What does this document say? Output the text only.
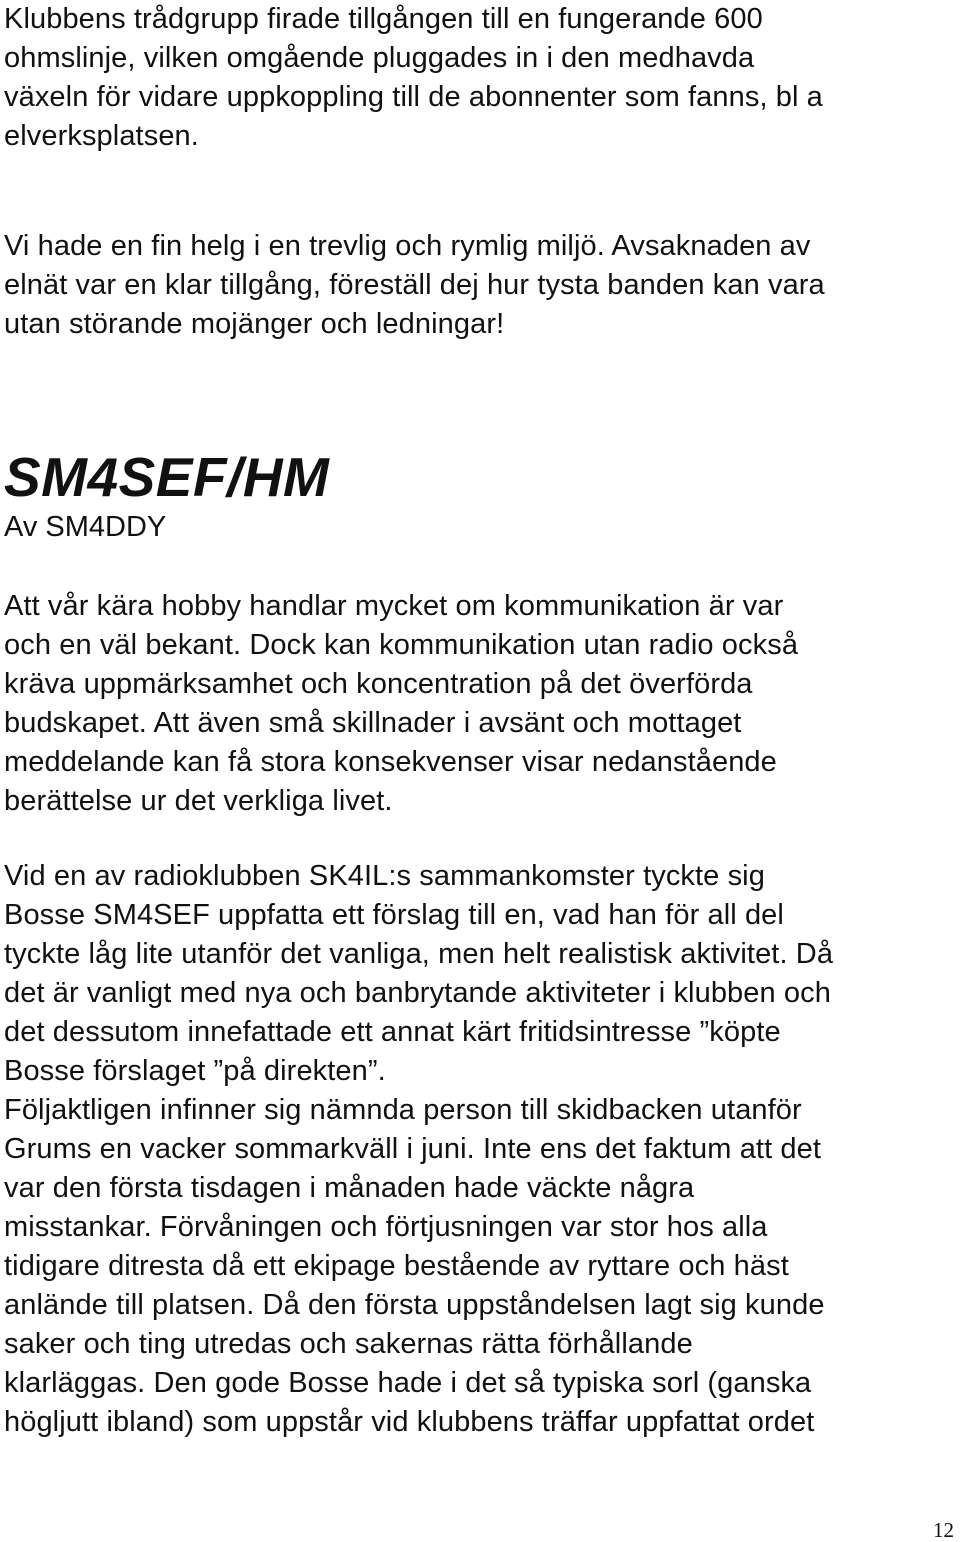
Klubbens trådgrupp firade tillgången till en fungerande 600
ohmslinje, vilken omgående pluggades in i den medhavda
växeln för vidare uppkoppling till de abonnenter som fanns, bl a
elverksplatsen.

Vi hade en fin helg i en trevlig och rymlig miljö. Avsaknaden av
elnät var en klar tillgång, föreställ dej hur tysta banden kan vara
utan störande mojänger och ledningar!

SM4SEF/HM

Av SM4DDY

Att vår kära hobby handlar mycket om kommunikation är var
och en väl bekant. Dock kan kommunikation utan radio också
kräva uppmärksamhet och koncentration på det överförda
budskapet. Att även små skillnader i avsänt och mottaget
meddelande kan få stora konsekvenser visar nedanstående
berättelse ur det verkliga livet.

Vid en av radioklubben SK4IL:s sammankomster tyckte sig
Bosse SM4SEF uppfatta ett förslag till en, vad han för all del
tyckte låg lite utanför det vanliga, men helt realistisk aktivitet. Då
det är vanligt med nya och banbrytande aktiviteter i klubben och
det dessutom innefattade ett annat kärt fritidsintresse ”köpte
Bosse förslaget ”på direkten”.
Följaktligen infinner sig nämnda person till skidbacken utanför
Grums en vacker sommarkväll i juni. Inte ens det faktum att det
var den första tisdagen i månaden hade väckte några
misstankar. Förvåningen och förtjusningen var stor hos alla
tidigare ditresta då ett ekipage bestående av ryttare och häst
anlände till platsen. Då den första uppståndelsen lagt sig kunde
saker och ting utredas och sakernas rätta förhållande
klarläggas. Den gode Bosse hade i det så typiska sorl (ganska
högljutt ibland) som uppstår vid klubbens träffar uppfattat ordet

12
